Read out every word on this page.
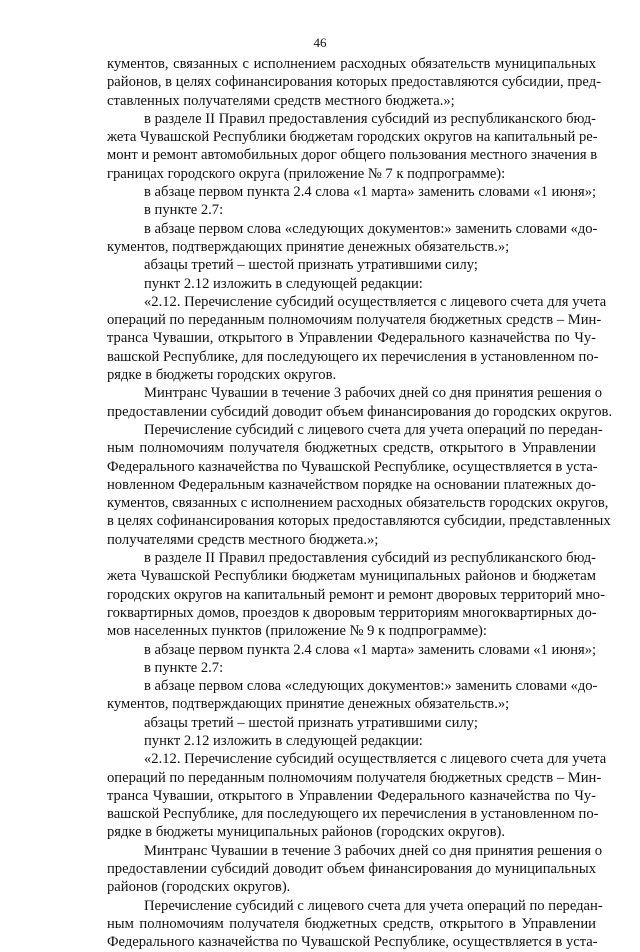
46
кументов, связанных с исполнением расходных обязательств муниципальных
районов, в целях софинансирования которых предоставляются субсидии, пред-
ставленных получателями средств местного бюджета.»;
в разделе II Правил предоставления субсидий из республиканского бюд-
жета Чувашской Республики бюджетам городских округов на капитальный ре-
монт и ремонт автомобильных дорог общего пользования местного значения в
границах городского округа (приложение № 7 к подпрограмме):
в абзаце первом пункта 2.4 слова «1 марта» заменить словами «1 июня»;
в пункте 2.7:
в абзаце первом слова «следующих документов:» заменить словами «до-
кументов, подтверждающих принятие денежных обязательств.»;
абзацы третий – шестой признать утратившими силу;
пункт 2.12 изложить в следующей редакции:
«2.12. Перечисление субсидий осуществляется с лицевого счета для учета
операций по переданным полномочиям получателя бюджетных средств – Мин-
транса Чувашии, открытого в Управлении Федерального казначейства по Чу-
вашской Республике, для последующего их перечисления в установленном по-
рядке в бюджеты городских округов.
Минтранс Чувашии в течение 3 рабочих дней со дня принятия решения о
предоставлении субсидий доводит объем финансирования до городских округов.
Перечисление субсидий с лицевого счета для учета операций по передан-
ным полномочиям получателя бюджетных средств, открытого в Управлении
Федерального казначейства по Чувашской Республике, осуществляется в уста-
новленном Федеральным казначейством порядке на основании платежных до-
кументов, связанных с исполнением расходных обязательств городских округов,
в целях софинансирования которых предоставляются субсидии, представленных
получателями средств местного бюджета.»;
в разделе II Правил предоставления субсидий из республиканского бюд-
жета Чувашской Республики бюджетам муниципальных районов и бюджетам
городских округов на капитальный ремонт и ремонт дворовых территорий мно-
гоквартирных домов, проездов к дворовым территориям многоквартирных до-
мов населенных пунктов (приложение № 9 к подпрограмме):
в абзаце первом пункта 2.4 слова «1 марта» заменить словами «1 июня»;
в пункте 2.7:
в абзаце первом слова «следующих документов:» заменить словами «до-
кументов, подтверждающих принятие денежных обязательств.»;
абзацы третий – шестой признать утратившими силу;
пункт 2.12 изложить в следующей редакции:
«2.12. Перечисление субсидий осуществляется с лицевого счета для учета
операций по переданным полномочиям получателя бюджетных средств – Мин-
транса Чувашии, открытого в Управлении Федерального казначейства по Чу-
вашской Республике, для последующего их перечисления в установленном по-
рядке в бюджеты муниципальных районов (городских округов).
Минтранс Чувашии в течение 3 рабочих дней со дня принятия решения о
предоставлении субсидий доводит объем финансирования до муниципальных
районов (городских округов).
Перечисление субсидий с лицевого счета для учета операций по передан-
ным полномочиям получателя бюджетных средств, открытого в Управлении
Федерального казначейства по Чувашской Республике, осуществляется в уста-
